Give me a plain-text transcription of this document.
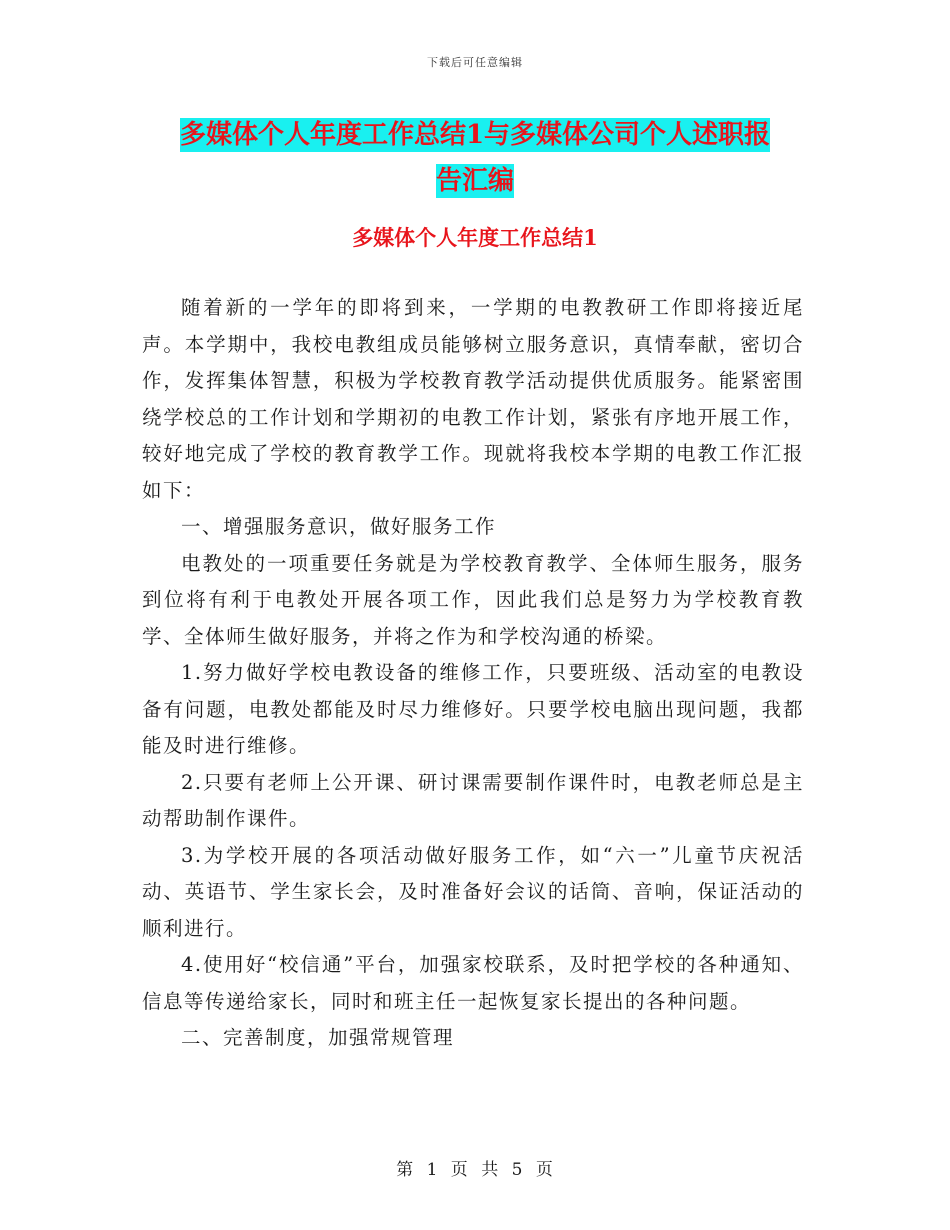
下载后可任意编辑
多媒体个人年度工作总结1与多媒体公司个人述职报
告汇编
多媒体个人年度工作总结1

随着新的一学年的即将到来，一学期的电教教研工作即将接近尾声。本学期中，我校电教组成员能够树立服务意识，真情奉献，密切合作，发挥集体智慧，积极为学校教育教学活动提供优质服务。能紧密围绕学校总的工作计划和学期初的电教工作计划，紧张有序地开展工作，较好地完成了学校的教育教学工作。现就将我校本学期的电教工作汇报如下：

一、增强服务意识，做好服务工作

电教处的一项重要任务就是为学校教育教学、全体师生服务，服务到位将有利于电教处开展各项工作，因此我们总是努力为学校教育教学、全体师生做好服务，并将之作为和学校沟通的桥梁。

1.努力做好学校电教设备的维修工作，只要班级、活动室的电教设备有问题，电教处都能及时尽力维修好。只要学校电脑出现问题，我都能及时进行维修。

2.只要有老师上公开课、研讨课需要制作课件时，电教老师总是主动帮助制作课件。

3.为学校开展的各项活动做好服务工作，如“六一”儿童节庆祝活动、英语节、学生家长会，及时准备好会议的话筒、音响，保证活动的顺利进行。

4.使用好“校信通”平台，加强家校联系，及时把学校的各种通知、信息等传递给家长，同时和班主任一起恢复家长提出的各种问题。

二、完善制度，加强常规管理

第 1 页 共 5 页
